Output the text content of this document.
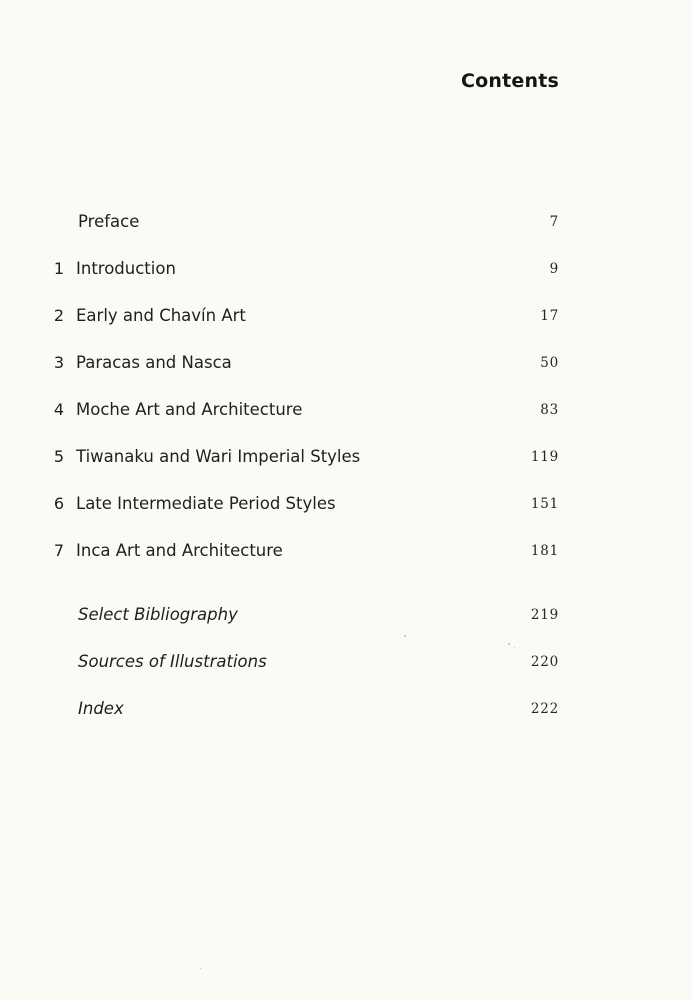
Contents
Preface	7
1 Introduction	9
2 Early and Chavín Art	17
3 Paracas and Nasca	50
4 Moche Art and Architecture	83
5 Tiwanaku and Wari Imperial Styles	119
6 Late Intermediate Period Styles	151
7 Inca Art and Architecture	181
Select Bibliography	219
Sources of Illustrations	220
Index	222
